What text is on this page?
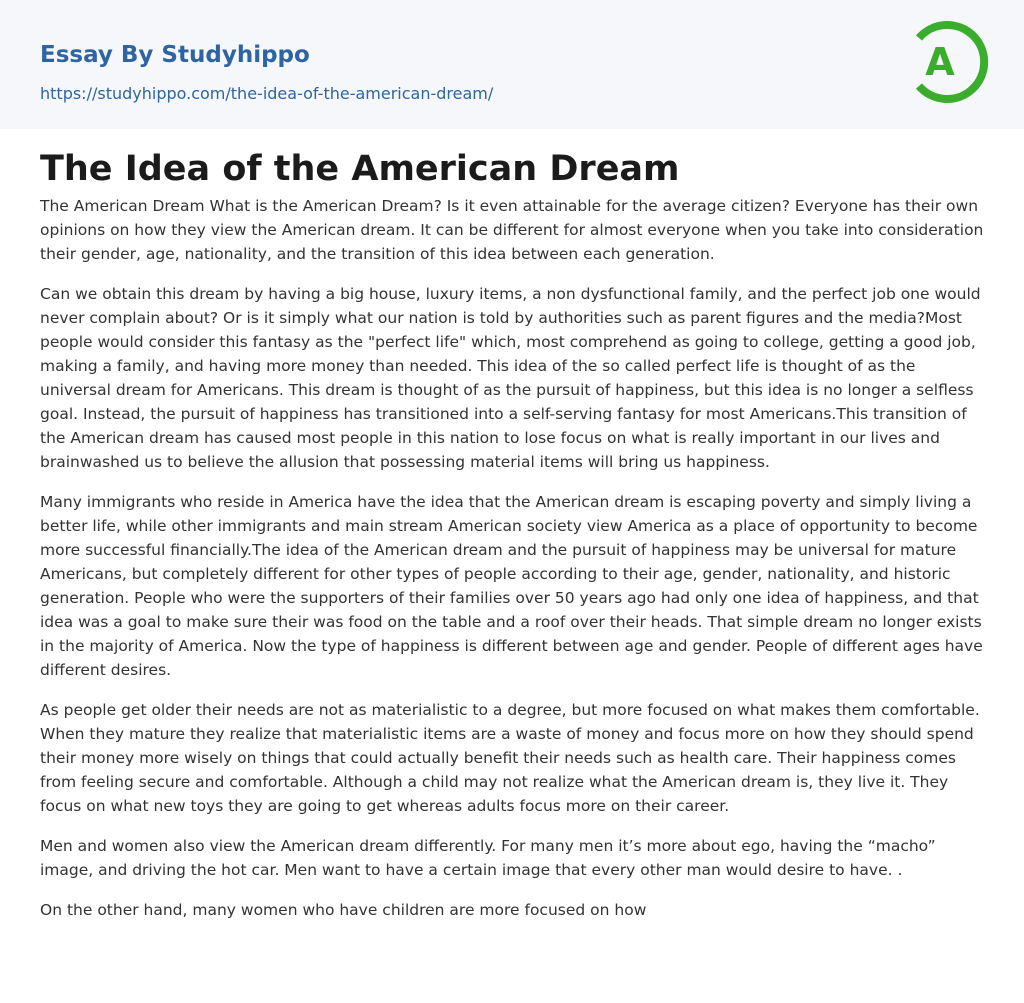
Essay By Studyhippo
https://studyhippo.com/the-idea-of-the-american-dream/
A
The Idea of the American Dream

The American Dream What is the American Dream? Is it even attainable for the average citizen? Everyone has their own opinions on how they view the American dream. It can be different for almost everyone when you take into consideration their gender, age, nationality, and the transition of this idea between each generation.

Can we obtain this dream by having a big house, luxury items, a non dysfunctional family, and the perfect job one would never complain about? Or is it simply what our nation is told by authorities such as parent figures and the media?Most people would consider this fantasy as the "perfect life" which, most comprehend as going to college, getting a good job, making a family, and having more money than needed. This idea of the so called perfect life is thought of as the universal dream for Americans. This dream is thought of as the pursuit of happiness, but this idea is no longer a selfless goal. Instead, the pursuit of happiness has transitioned into a self-serving fantasy for most Americans.This transition of the American dream has caused most people in this nation to lose focus on what is really important in our lives and brainwashed us to believe the allusion that possessing material items will bring us happiness.

Many immigrants who reside in America have the idea that the American dream is escaping poverty and simply living a better life, while other immigrants and main stream American society view America as a place of opportunity to become more successful financially.The idea of the American dream and the pursuit of happiness may be universal for mature Americans, but completely different for other types of people according to their age, gender, nationality, and historic generation. People who were the supporters of their families over 50 years ago had only one idea of happiness, and that idea was a goal to make sure their was food on the table and a roof over their heads. That simple dream no longer exists in the majority of America. Now the type of happiness is different between age and gender. People of different ages have different desires.

As people get older their needs are not as materialistic to a degree, but more focused on what makes them comfortable. When they mature they realize that materialistic items are a waste of money and focus more on how they should spend their money more wisely on things that could actually benefit their needs such as health care. Their happiness comes from feeling secure and comfortable. Although a child may not realize what the American dream is, they live it. They focus on what new toys they are going to get whereas adults focus more on their career.

Men and women also view the American dream differently. For many men it’s more about ego, having the “macho” image, and driving the hot car. Men want to have a certain image that every other man would desire to have. .

On the other hand, many women who have children are more focused on how
